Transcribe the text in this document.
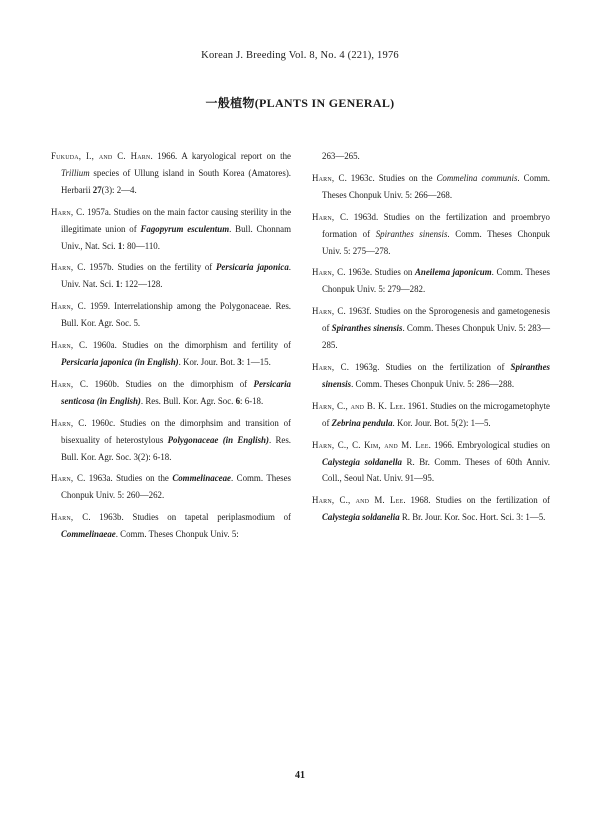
Korean J. Breeding Vol. 8, No. 4 (221), 1976
一般植物(PLANTS IN GENERAL)

Fukuda, I., and C. Harn. 1966. A karyological report on the Trillium species of Ullung island in South Korea (Amatores). Herbarii 27(3): 2—4.

Harn, C. 1957a. Studies on the main factor causing sterility in the illegitimate union of Fagopyrum esculentum. Bull. Chonnam Univ., Nat. Sci. 1: 80—110.

Harn, C. 1957b. Studies on the fertility of Persicaria japonica. Univ. Nat. Sci. 1: 122—128.

Harn, C. 1959. Interrelationship among the Polygonaceae. Res. Bull. Kor. Agr. Soc. 5.

Harn, C. 1960a. Studies on the dimorphism and fertility of Persicaria japonica (in English). Kor. Jour. Bot. 3: 1—15.

Harn, C. 1960b. Studies on the dimorphism of Persicaria senticosa (in English). Res. Bull. Kor. Agr. Soc. 6: 6-18.

Harn, C. 1960c. Studies on the dimorphsim and transition of bisexuality of heterostylous Polygonaceae (in English). Res. Bull. Kor. Agr. Soc. 3(2): 6-18.

Harn, C. 1963a. Studies on the Commelinaceae. Comm. Theses Chonpuk Univ. 5: 260—262.

Harn, C. 1963b. Studies on tapetal periplasmodium of Commelinaeae. Comm. Theses Chonpuk Univ. 5:

263—265.

Harn, C. 1963c. Studies on the Commelina communis. Comm. Theses Chonpuk Univ. 5: 266—268.

Harn, C. 1963d. Studies on the fertilization and proembryo formation of Spiranthes sinensis. Comm. Theses Chonpuk Univ. 5: 275—278.

Harn, C. 1963e. Studies on Aneilema japonicum. Comm. Theses Chonpuk Univ. 5: 279—282.

Harn, C. 1963f. Studies on the Sprorogenesis and gametogenesis of Spiranthes sinensis. Comm. Theses Chonpuk Univ. 5: 283—285.

Harn, C. 1963g. Studies on the fertilization of Spiranthes sinensis. Comm. Theses Chonpuk Univ. 5: 286—288.

Harn, C., and B. K. Lee. 1961. Studies on the microgametophyte of Zebrina pendula. Kor. Jour. Bot. 5(2): 1—5.

Harn, C., C. Kim, and M. Lee. 1966. Embryological studies on Calystegia soldanella R. Br. Comm. Theses of 60th Anniv. Coll., Seoul Nat. Univ. 91—95.

Harn, C., and M. Lee. 1968. Studies on the fertilization of Calystegia soldanelia R. Br. Jour. Kor. Soc. Hort. Sci. 3: 1—5.

41
